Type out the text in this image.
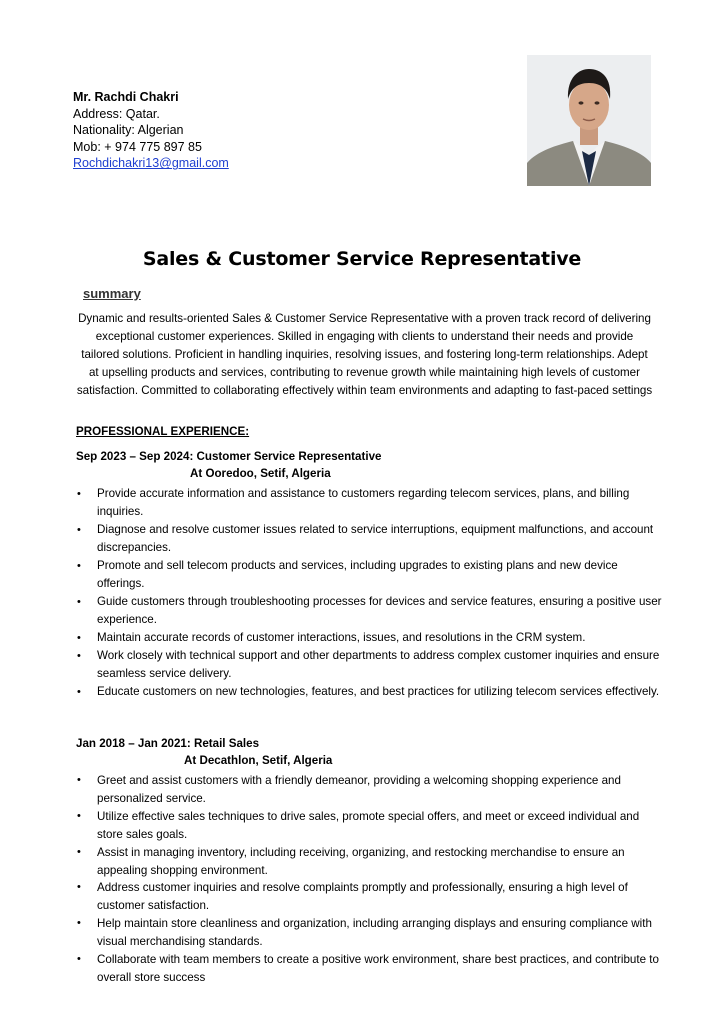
Mr. Rachdi Chakri
Address: Qatar.
Nationality: Algerian
Mob: + 974 775 897 85
Rochdichakri13@gmail.com
Sales & Customer Service Representative
summary
Dynamic and results-oriented Sales & Customer Service Representative with a proven track record of delivering exceptional customer experiences. Skilled in engaging with clients to understand their needs and provide tailored solutions. Proficient in handling inquiries, resolving issues, and fostering long-term relationships. Adept at upselling products and services, contributing to revenue growth while maintaining high levels of customer satisfaction. Committed to collaborating effectively within team environments and adapting to fast-paced settings
PROFESSIONAL EXPERIENCE:
Sep 2023 – Sep 2024: Customer Service Representative
At Ooredoo, Setif, Algeria
• Provide accurate information and assistance to customers regarding telecom services, plans, and billing inquiries.
• Diagnose and resolve customer issues related to service interruptions, equipment malfunctions, and account discrepancies.
• Promote and sell telecom products and services, including upgrades to existing plans and new device offerings.
• Guide customers through troubleshooting processes for devices and service features, ensuring a positive user experience.
• Maintain accurate records of customer interactions, issues, and resolutions in the CRM system.
• Work closely with technical support and other departments to address complex customer inquiries and ensure seamless service delivery.
• Educate customers on new technologies, features, and best practices for utilizing telecom services effectively.
Jan 2018 – Jan 2021: Retail Sales
At Decathlon, Setif, Algeria
• Greet and assist customers with a friendly demeanor, providing a welcoming shopping experience and personalized service.
• Utilize effective sales techniques to drive sales, promote special offers, and meet or exceed individual and store sales goals.
• Assist in managing inventory, including receiving, organizing, and restocking merchandise to ensure an appealing shopping environment.
• Address customer inquiries and resolve complaints promptly and professionally, ensuring a high level of customer satisfaction.
• Help maintain store cleanliness and organization, including arranging displays and ensuring compliance with visual merchandising standards.
• Collaborate with team members to create a positive work environment, share best practices, and contribute to overall store success
